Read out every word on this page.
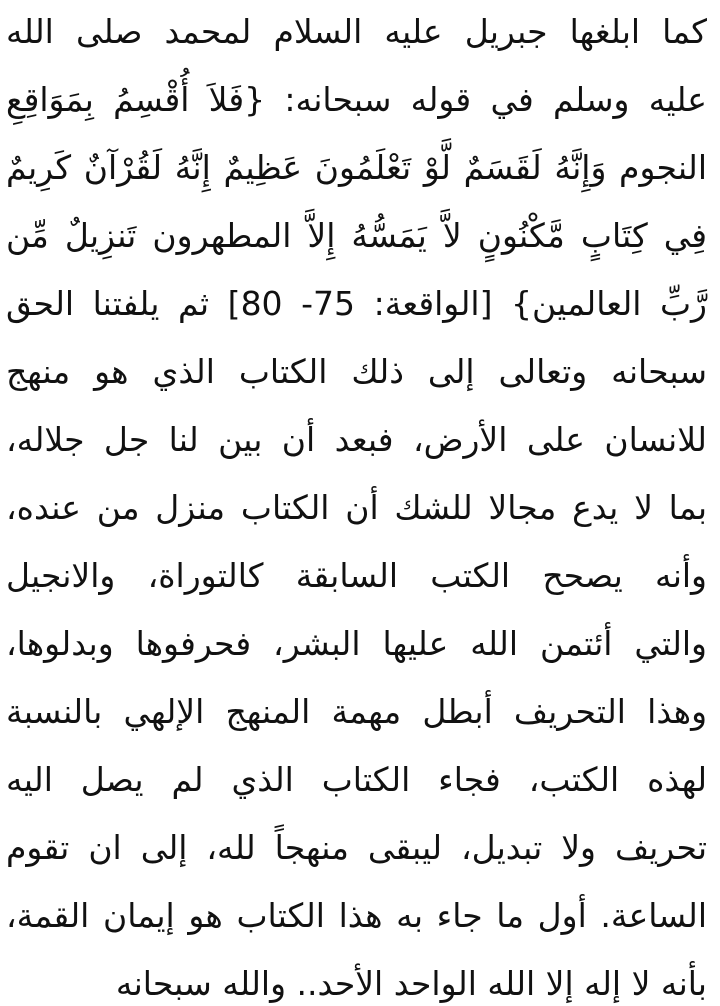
كما ابلغها جبريل عليه السلام لمحمد صلى الله
عليه وسلم في قوله سبحانه: {فَلاَ أُقْسِمُ بِمَوَاقِعِ
النجوم وَإِنَّهُ لَقَسَمٌ لَّوْ تَعْلَمُونَ عَظِيمٌ إِنَّهُ لَقُرْآنٌ كَرِيمٌ
فِي كِتَابٍ مَّكْنُونٍ لاَّ يَمَسُّهُ إِلاَّ المطهرون تَنزِيلٌ مِّن
رَّبِّ العالمين} [الواقعة: 75- 80] ثم يلفتنا الحق
سبحانه وتعالى إلى ذلك الكتاب الذي هو منهج
للانسان على الأرض، فبعد أن بين لنا جل جلاله،
بما لا يدع مجالا للشك أن الكتاب منزل من عنده،
وأنه يصحح الكتب السابقة كالتوراة، والانجيل
والتي أئتمن الله عليها البشر، فحرفوها وبدلوها،
وهذا التحريف أبطل مهمة المنهج الإلهي بالنسبة
لهذه الكتب، فجاء الكتاب الذي لم يصل اليه
تحريف ولا تبديل، ليبقى منهجاً لله، إلى ان تقوم
الساعة. أول ما جاء به هذا الكتاب هو إيمان القمة،
بأنه لا إله إلا الله الواحد الأحد.. والله سبحانه
